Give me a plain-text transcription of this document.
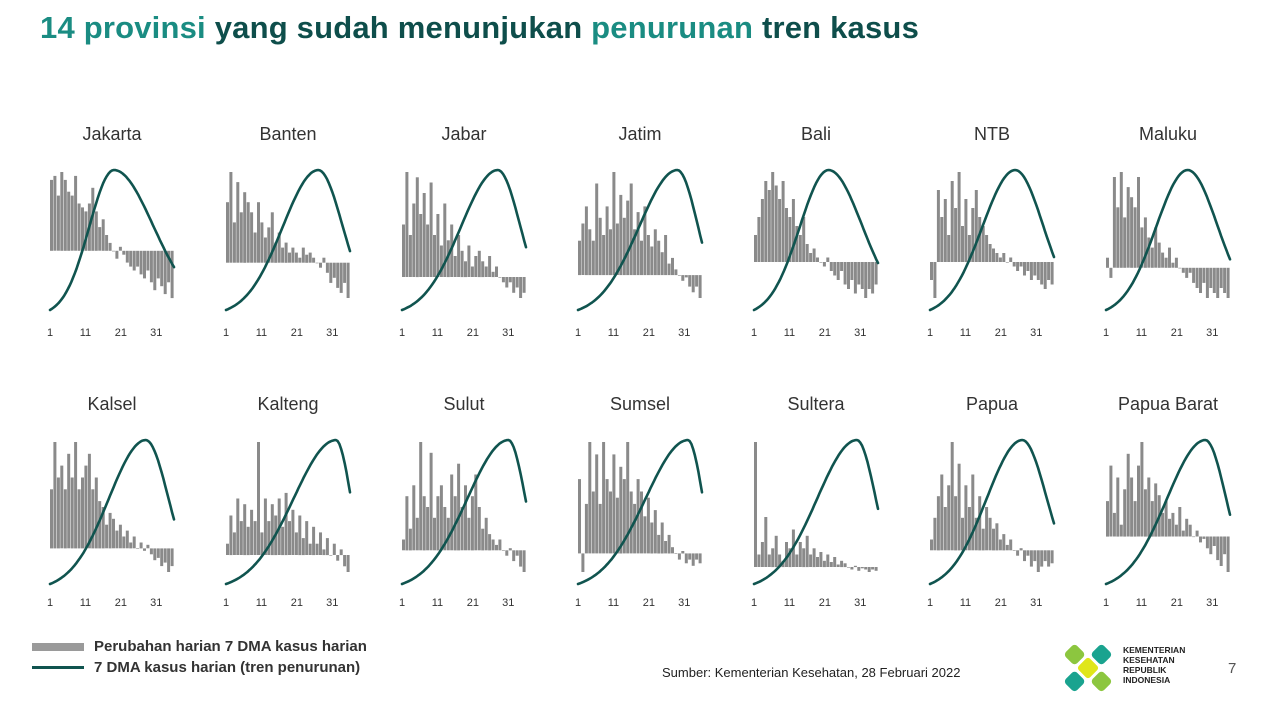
14 provinsi yang sudah menunjukan penurunan tren kasus
Jakarta
1 11 21 31
Banten
1 11 21 31
Jabar
1 11 21 31
Jatim
1 11 21 31
Bali
1 11 21 31
NTB
1 11 21 31
Maluku
1 11 21 31
Kalsel
1 11 21 31
Kalteng
1 11 21 31
Sulut
1 11 21 31
Sumsel
1 11 21 31
Sultera
1 11 21 31
Papua
1 11 21 31
Papua Barat
1 11 21 31
Perubahan harian 7 DMA kasus harian
7 DMA kasus harian (tren penurunan)	Sumber: Kementerian Kesehatan, 28 Februari 2022
KEMENTERIAN
KESEHATAN
REPUBLIK
INDONESIA
7
